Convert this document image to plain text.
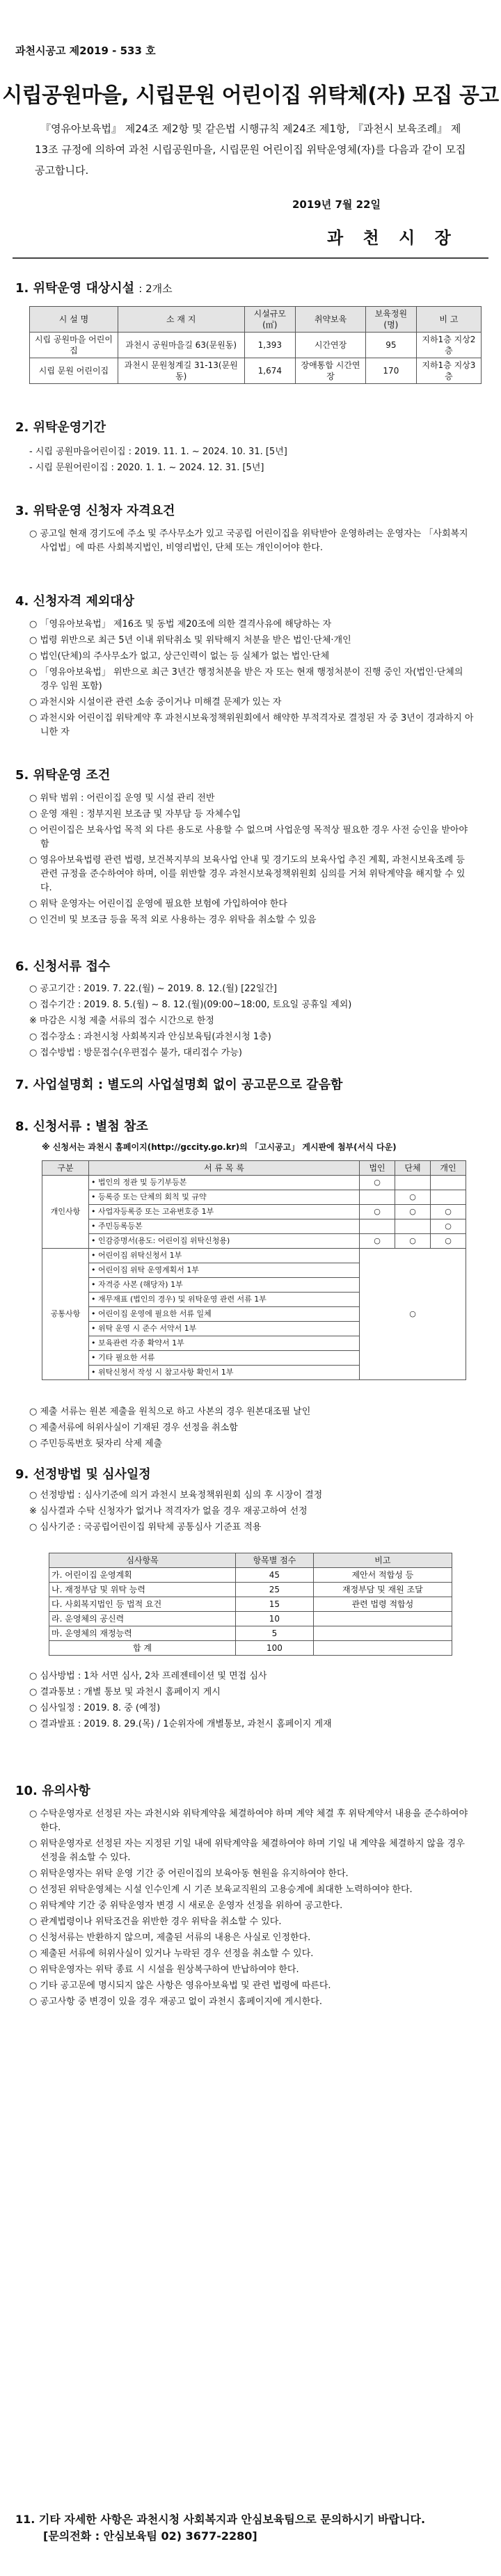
과천시공고 제2019 - 533 호
시립공원마을, 시립문원 어린이집 위탁체(자) 모집 공고
『영유아보육법』 제24조 제2항 및 같은법 시행규칙 제24조 제1항, 『과천시 보육조례』 제13조 규정에 의하여 과천 시립공원마을, 시립문원 어린이집 위탁운영체(자)를 다음과 같이 모집 공고합니다.
2019년 7월 22일
과 천 시 장
1. 위탁운영 대상시설 : 2개소
시 설 명	소 재 지	시설규모(㎡)	취약보육	보육정원(명)	비 고
시립 공원마을 어린이집	과천시 공원마을길 63(문원동)	1,393	시간연장	95	지하1층 지상2층
시립 문원 어린이집	과천시 문원청계길 31-13(문원동)	1,674	장애통합 시간연장	170	지하1층 지상3층
2. 위탁운영기간

- 시립 공원마을어린이집 : 2019. 11. 1. ~ 2024. 10. 31. [5년]

- 시립 문원어린이집 : 2020. 1. 1. ~ 2024. 12. 31. [5년]

3. 위탁운영 신청자 자격요건

○ 공고일 현재 경기도에 주소 및 주사무소가 있고 국공립 어린이집을 위탁받아 운영하려는 운영자는 「사회복지사업법」에 따른 사회복지법인, 비영리법인, 단체 또는 개인이어야 한다.

4. 신청자격 제외대상

○ 「영유아보육법」 제16조 및 동법 제20조에 의한 결격사유에 해당하는 자

○ 법령 위반으로 최근 5년 이내 위탁취소 및 위탁해지 처분을 받은 법인·단체·개인

○ 법인(단체)의 주사무소가 없고, 상근인력이 없는 등 실체가 없는 법인·단체

○ 「영유아보육법」 위반으로 최근 3년간 행정처분을 받은 자 또는 현재 행정처분이 진행 중인 자(법인·단체의 경우 임원 포함)

○ 과천시와 시설이관 관련 소송 중이거나 미해결 문제가 있는 자

○ 과천시와 어린이집 위탁계약 후 과천시보육정책위원회에서 해약한 부적격자로 결정된 자 중 3년이 경과하지 아니한 자

5. 위탁운영 조건

○ 위탁 범위 : 어린이집 운영 및 시설 관리 전반

○ 운영 재원 : 정부지원 보조금 및 자부담 등 자체수입

○ 어린이집은 보육사업 목적 외 다른 용도로 사용할 수 없으며 사업운영 목적상 필요한 경우 사전 승인을 받아야 함

○ 영유아보육법령 관련 법령, 보건복지부의 보육사업 안내 및 경기도의 보육사업 추진 계획, 과천시보육조례 등 관련 규정을 준수하여야 하며, 이를 위반할 경우 과천시보육정책위원회 심의를 거쳐 위탁계약을 해지할 수 있다.

○ 위탁 운영자는 어린이집 운영에 필요한 보험에 가입하여야 한다

○ 인건비 및 보조금 등을 목적 외로 사용하는 경우 위탁을 취소할 수 있음

6. 신청서류 접수

○ 공고기간 : 2019. 7. 22.(월) ~ 2019. 8. 12.(월) [22일간]

○ 접수기간 : 2019. 8. 5.(월) ~ 8. 12.(월)(09:00~18:00, 토요일 공휴일 제외)

※ 마감은 시청 제출 서류의 접수 시간으로 한정

○ 접수장소 : 과천시청 사회복지과 안심보육팀(과천시청 1층)

○ 접수방법 : 방문접수(우편접수 불가, 대리접수 가능)

7. 사업설명회 : 별도의 사업설명회 없이 공고문으로 갈음함
8. 신청서류 : 별첨 참조
※ 신청서는 과천시 홈페이지(http://gccity.go.kr)의 「고시공고」 게시판에 첨부(서식 다운)
구분	서 류 목 록	법인	단체	개인
개인사항	• 법인의 정관 및 등기부등본	○		
	• 등록증 또는 단체의 회칙 및 규약		○	
	• 사업자등록증 또는 고유번호증 1부	○	○	○
	• 주민등록등본			○
	• 인감증명서(용도: 어린이집 위탁신청용)	○	○	○
공통사항	• 어린이집 위탁신청서 1부	○		
	• 어린이집 위탁 운영계획서 1부			
	• 자격증 사본 (해당자) 1부			
	• 재무재표 (법인의 경우) 및 위탁운영 관련 서류 1부			
	• 어린이집 운영에 필요한 서류 일체			
	• 위탁 운영 시 준수 서약서 1부			
	• 보육관련 각종 확약서 1부			
	• 기타 필요한 서류			
	• 위탁신청서 작성 시 참고사항 확인서 1부			

○ 제출 서류는 원본 제출을 원칙으로 하고 사본의 경우 원본대조필 날인

○ 제출서류에 허위사실이 기재된 경우 선정을 취소함

○ 주민등록번호 뒷자리 삭제 제출

9. 선정방법 및 심사일정

○ 선정방법 : 심사기준에 의거 과천시 보육정책위원회 심의 후 시장이 결정

※ 심사결과 수탁 신청자가 없거나 적격자가 없을 경우 재공고하여 선정

○ 심사기준 : 국공립어린이집 위탁체 공통심사 기준표 적용

심사항목	항목별 점수	비고
가. 어린이집 운영계획	45	제안서 적합성 등
나. 재정부담 및 위탁 능력	25	재정부담 및 재원 조달
다. 사회복지법인 등 법적 요건	15	관련 법령 적합성
라. 운영체의 공신력	10	
마. 운영체의 재정능력	5	
합 계	100	

○ 심사방법 : 1차 서면 심사, 2차 프레젠테이션 및 면접 심사

○ 결과통보 : 개별 통보 및 과천시 홈페이지 게시

○ 심사일정 : 2019. 8. 중 (예정)

○ 결과발표 : 2019. 8. 29.(목) / 1순위자에 개별통보, 과천시 홈페이지 게재

10. 유의사항

○ 수탁운영자로 선정된 자는 과천시와 위탁계약을 체결하여야 하며 계약 체결 후 위탁계약서 내용을 준수하여야 한다.

○ 위탁운영자로 선정된 자는 지정된 기일 내에 위탁계약을 체결하여야 하며 기일 내 계약을 체결하지 않을 경우 선정을 취소할 수 있다.

○ 위탁운영자는 위탁 운영 기간 중 어린이집의 보육아동 현원을 유지하여야 한다.

○ 선정된 위탁운영체는 시설 인수인계 시 기존 보육교직원의 고용승계에 최대한 노력하여야 한다.

○ 위탁계약 기간 중 위탁운영자 변경 시 새로운 운영자 선정을 위하여 공고한다.

○ 관계법령이나 위탁조건을 위반한 경우 위탁을 취소할 수 있다.

○ 신청서류는 반환하지 않으며, 제출된 서류의 내용은 사실로 인정한다.

○ 제출된 서류에 허위사실이 있거나 누락된 경우 선정을 취소할 수 있다.

○ 위탁운영자는 위탁 종료 시 시설을 원상복구하여 반납하여야 한다.

○ 기타 공고문에 명시되지 않은 사항은 영유아보육법 및 관련 법령에 따른다.

○ 공고사항 중 변경이 있을 경우 재공고 없이 과천시 홈페이지에 게시한다.

11. 기타 자세한 사항은 과천시청 사회복지과 안심보육팀으로 문의하시기 바랍니다.
[문의전화 : 안심보육팀 02) 3677-2280]
